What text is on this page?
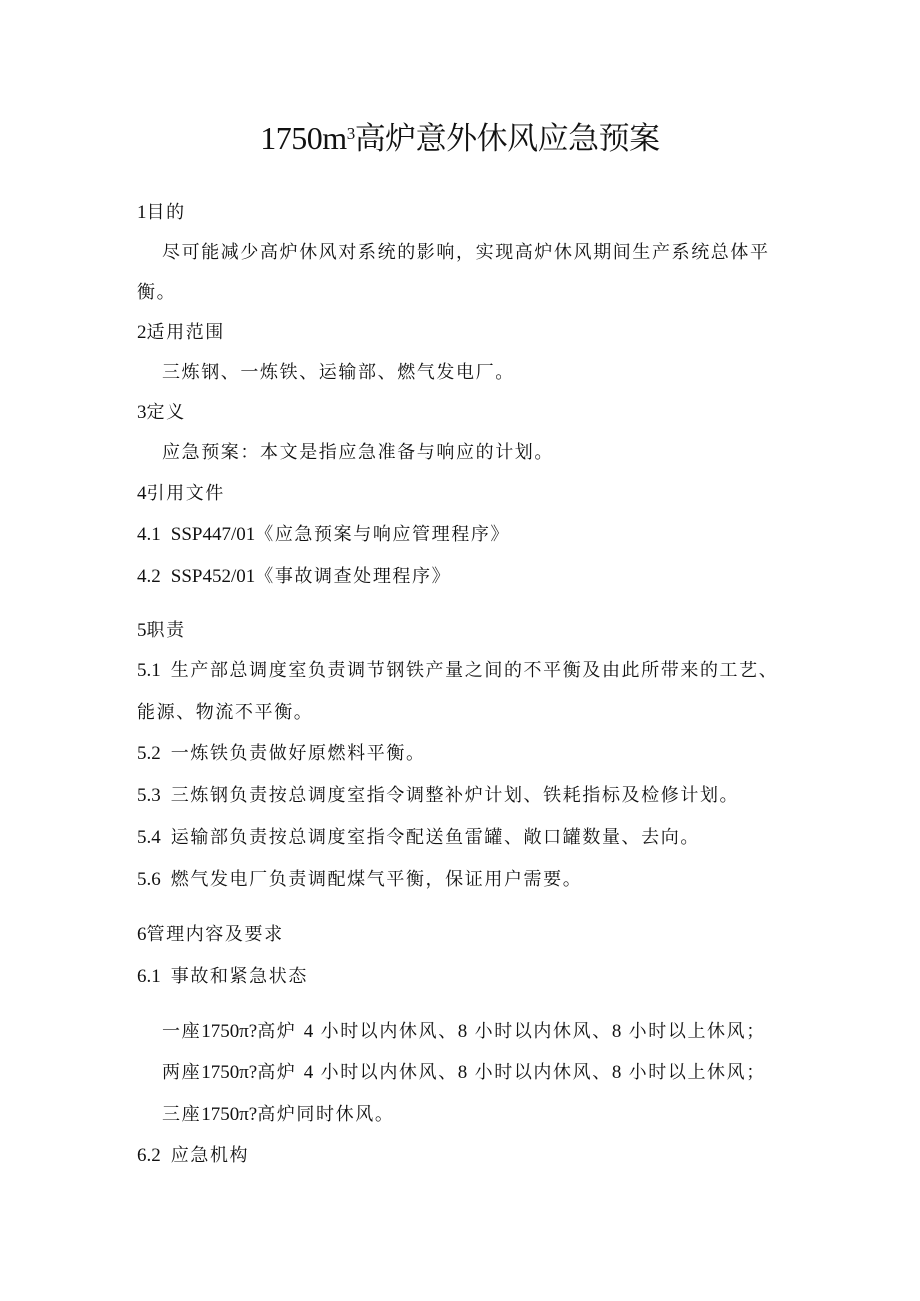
$1750m^3$高炉意外休风应急预案
1目的
尽可能减少高炉休风对系统的影响，实现高炉休风期间生产系统总体平
衡。
2适用范围
三炼钢、一炼铁、运输部、燃气发电厂。
3定义
应急预案：本文是指应急准备与响应的计划。
4引用文件
4.1 SSP447/01《应急预案与响应管理程序》
4.2 SSP452/01《事故调查处理程序》
5职责
5.1 生产部总调度室负责调节钢铁产量之间的不平衡及由此所带来的工艺、
能源、物流不平衡。
5.2 一炼铁负责做好原燃料平衡。
5.3 三炼钢负责按总调度室指令调整补炉计划、铁耗指标及检修计划。
5.4 运输部负责按总调度室指令配送鱼雷罐、敞口罐数量、去向。
5.6 燃气发电厂负责调配煤气平衡，保证用户需要。
6管理内容及要求
6.1 事故和紧急状态
一座1750π?高炉 4 小时以内休风、8 小时以内休风、8 小时以上休风；
两座1750π?高炉 4 小时以内休风、8 小时以内休风、8 小时以上休风；
三座1750π?高炉同时休风。
6.2 应急机构
